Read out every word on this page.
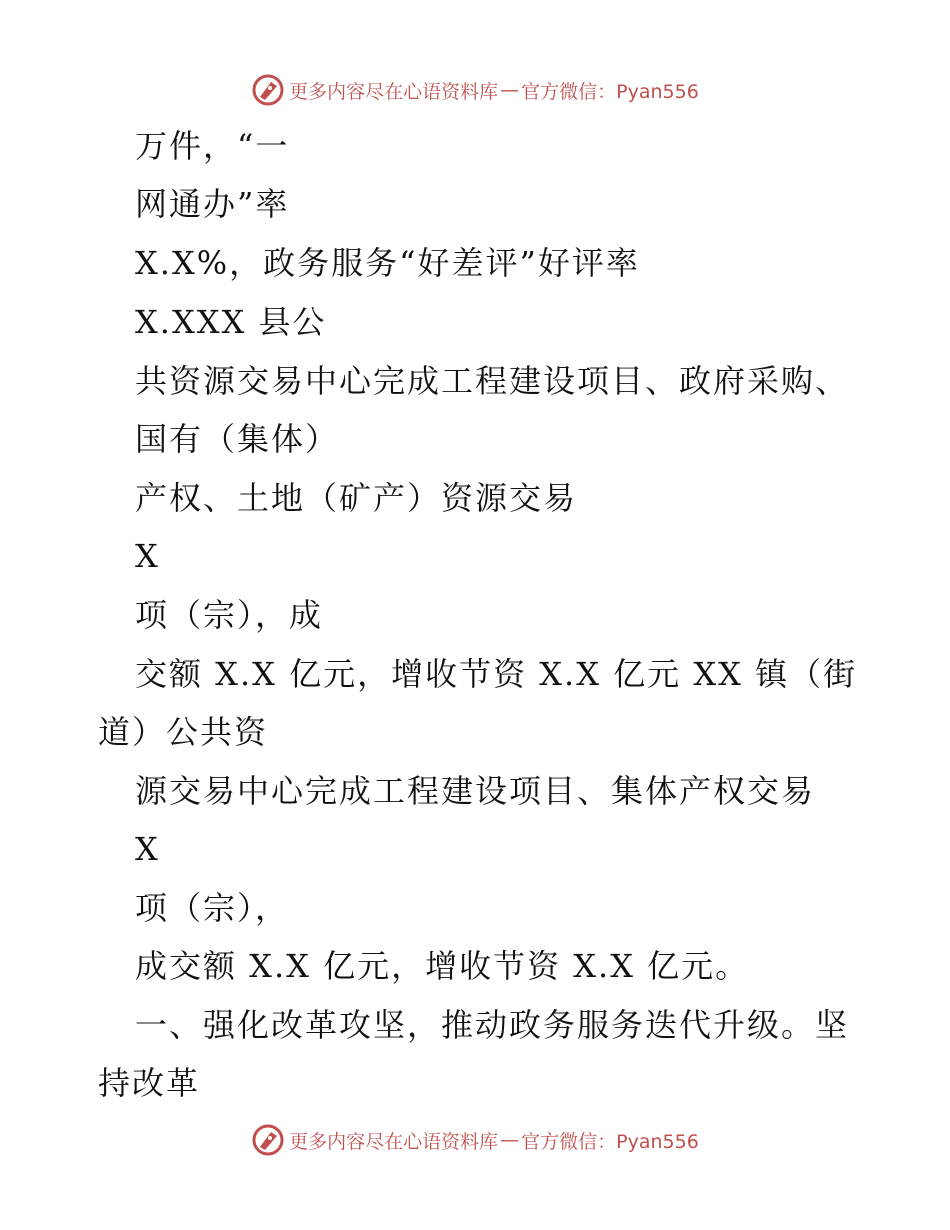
更多内容尽在心语资料库 — 官方微信：Pyan556
万件，“一
网通办”率
X.X%，政务服务“好差评”好评率
X.XXX 县公
共资源交易中心完成工程建设项目、政府采购、
国有（集体）
产权、土地（矿产）资源交易
X
项（宗），成
交额 X.X 亿元，增收节资 X.X 亿元 XX 镇（街
道）公共资
源交易中心完成工程建设项目、集体产权交易
X
项（宗），
成交额 X.X 亿元，增收节资 X.X 亿元。
一、强化改革攻坚，推动政务服务迭代升级。坚
持改革
更多内容尽在心语资料库 — 官方微信：Pyan556
